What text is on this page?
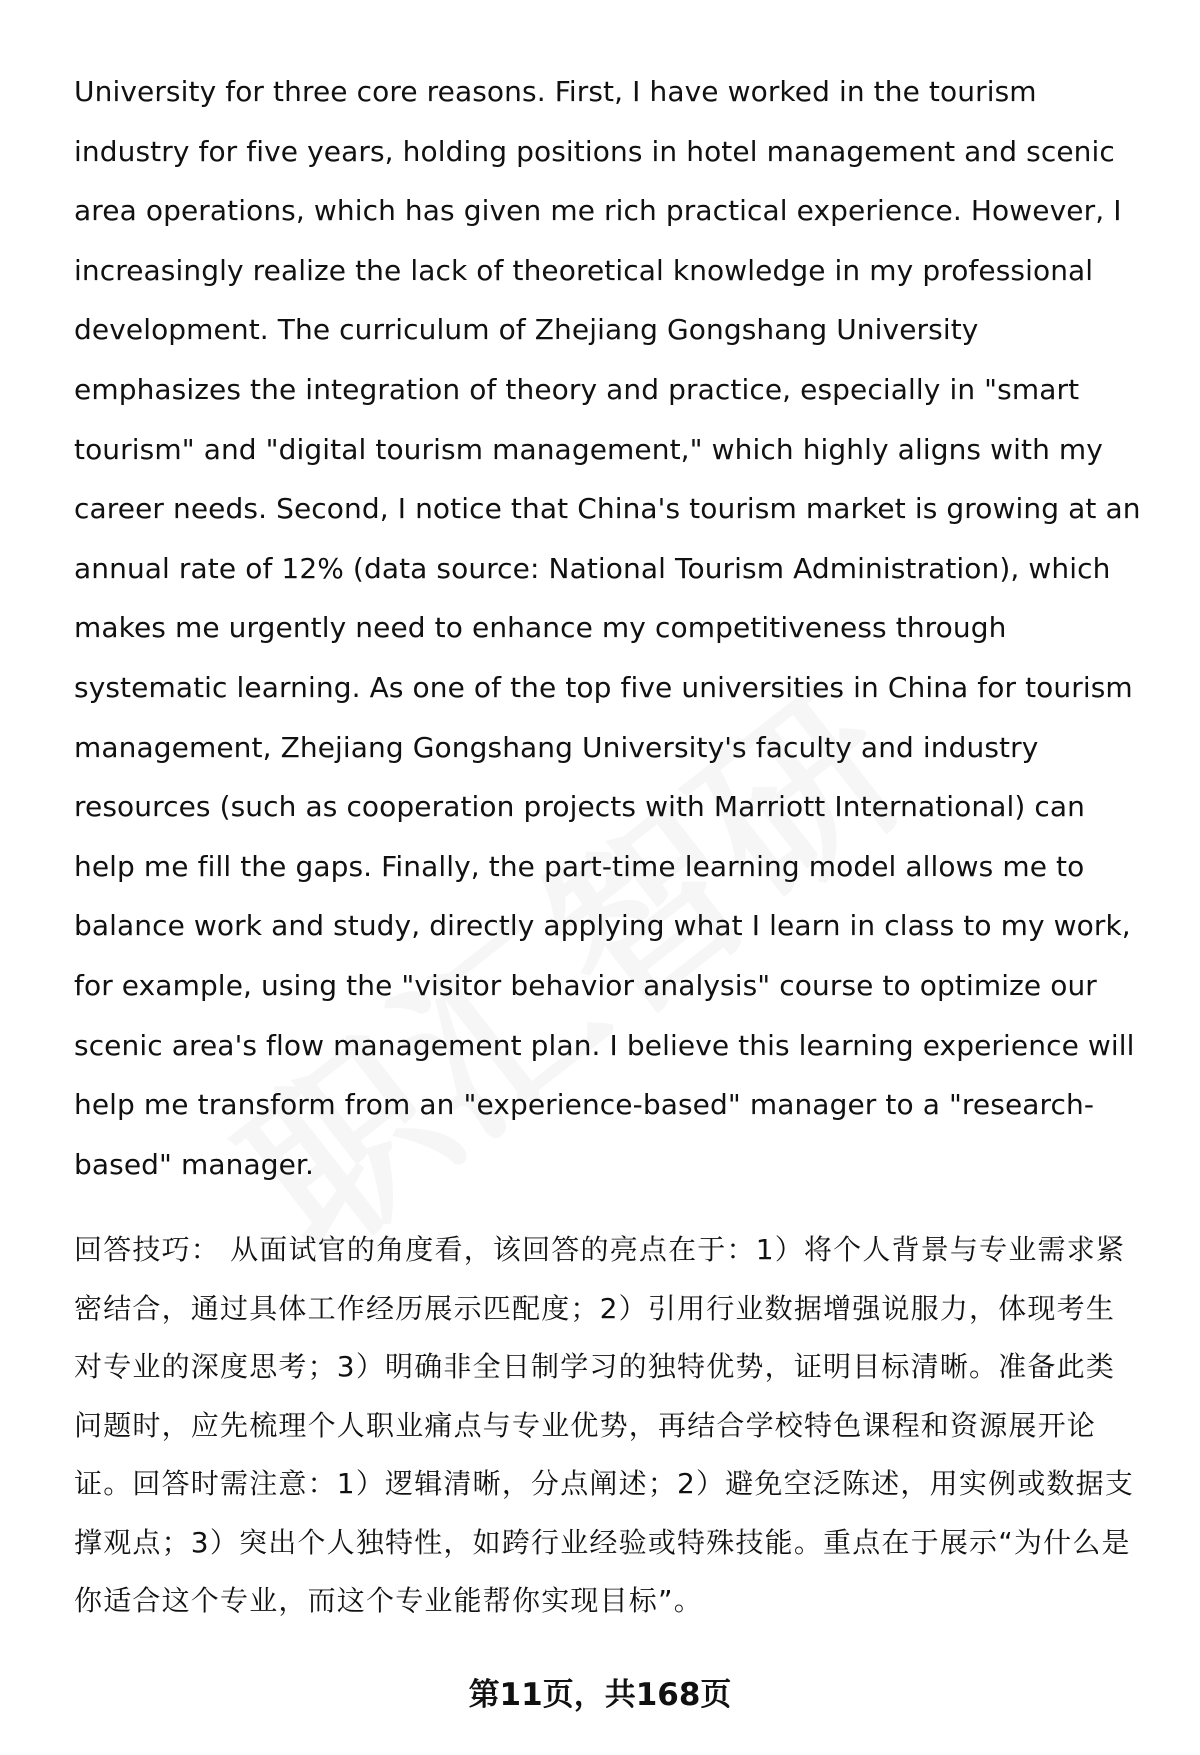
University for three core reasons. First, I have worked in the tourism industry for five years, holding positions in hotel management and scenic area operations, which has given me rich practical experience. However, I increasingly realize the lack of theoretical knowledge in my professional development. The curriculum of Zhejiang Gongshang University emphasizes the integration of theory and practice, especially in "smart tourism" and "digital tourism management," which highly aligns with my career needs. Second, I notice that China's tourism market is growing at an annual rate of 12% (data source: National Tourism Administration), which makes me urgently need to enhance my competitiveness through systematic learning. As one of the top five universities in China for tourism management, Zhejiang Gongshang University's faculty and industry resources (such as cooperation projects with Marriott International) can help me fill the gaps. Finally, the part-time learning model allows me to balance work and study, directly applying what I learn in class to my work, for example, using the "visitor behavior analysis" course to optimize our scenic area's flow management plan. I believe this learning experience will help me transform from an "experience-based" manager to a "research-based" manager.

回答技巧： 从面试官的角度看，该回答的亮点在于：1）将个人背景与专业需求紧密结合，通过具体工作经历展示匹配度；2）引用行业数据增强说服力，体现考生对专业的深度思考；3）明确非全日制学习的独特优势，证明目标清晰。准备此类问题时，应先梳理个人职业痛点与专业优势，再结合学校特色课程和资源展开论证。回答时需注意：1）逻辑清晰，分点阐述；2）避免空泛陈述，用实例或数据支撑观点；3）突出个人独特性，如跨行业经验或特殊技能。重点在于展示“为什么是你适合这个专业，而这个专业能帮你实现目标”。

第11页，共168页
